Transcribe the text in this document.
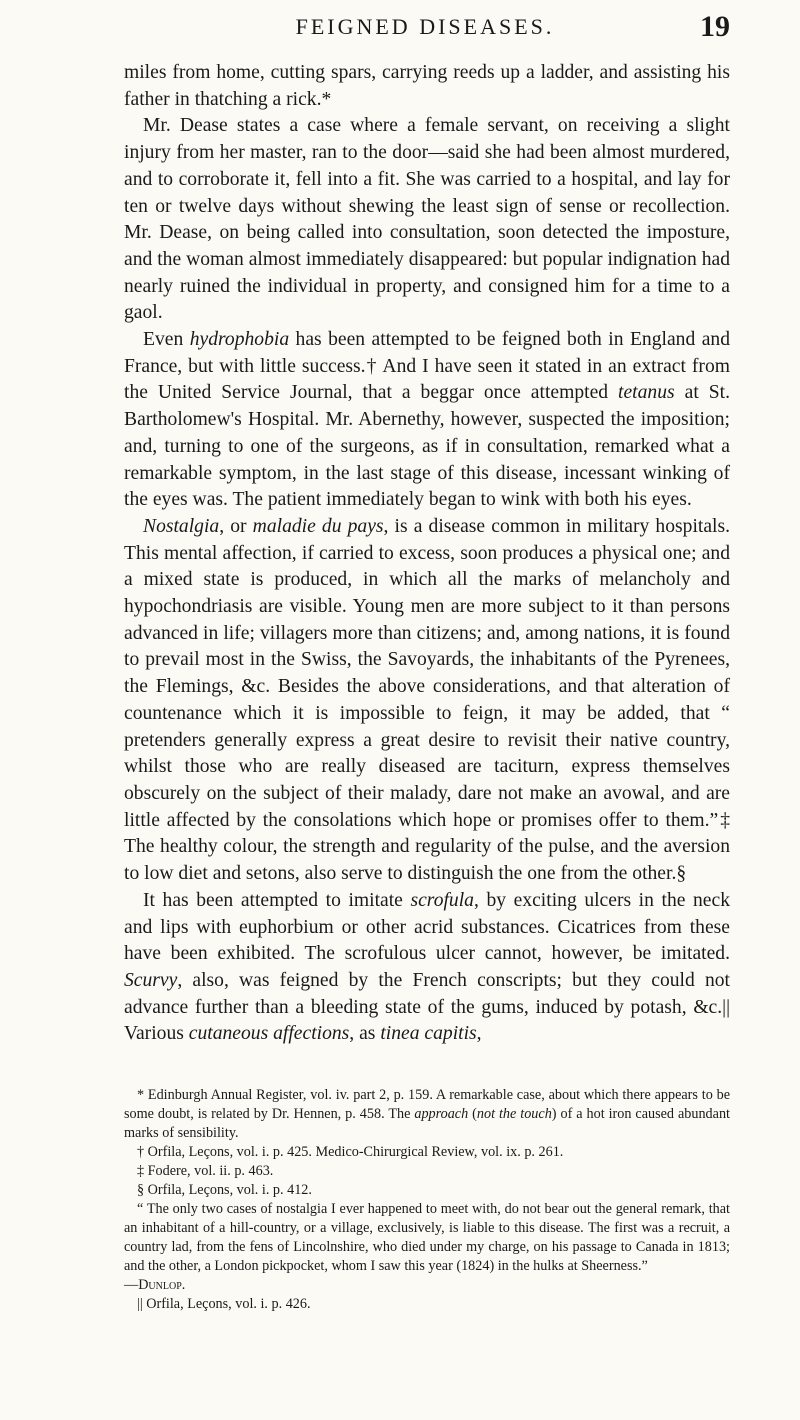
FEIGNED DISEASES.	19

miles from home, cutting spars, carrying reeds up a ladder, and assisting his father in thatching a rick.*

Mr. Dease states a case where a female servant, on receiving a slight injury from her master, ran to the door—said she had been almost murdered, and to corroborate it, fell into a fit. She was carried to a hospital, and lay for ten or twelve days without shewing the least sign of sense or recollection. Mr. Dease, on being called into consultation, soon detected the imposture, and the woman almost immediately disappeared: but popular indignation had nearly ruined the individual in property, and consigned him for a time to a gaol.

Even hydrophobia has been attempted to be feigned both in England and France, but with little success.† And I have seen it stated in an extract from the United Service Journal, that a beggar once attempted tetanus at St. Bartholomew's Hospital. Mr. Abernethy, however, suspected the imposition; and, turning to one of the surgeons, as if in consultation, remarked what a remarkable symptom, in the last stage of this disease, incessant winking of the eyes was. The patient immediately began to wink with both his eyes.

Nostalgia, or maladie du pays, is a disease common in military hospitals. This mental affection, if carried to excess, soon produces a physical one; and a mixed state is produced, in which all the marks of melancholy and hypochondriasis are visible. Young men are more subject to it than persons advanced in life; villagers more than citizens; and, among nations, it is found to prevail most in the Swiss, the Savoyards, the inhabitants of the Pyrenees, the Flemings, &c. Besides the above considerations, and that alteration of countenance which it is impossible to feign, it may be added, that “ pretenders generally express a great desire to revisit their native country, whilst those who are really diseased are taciturn, express themselves obscurely on the subject of their malady, dare not make an avowal, and are little affected by the consolations which hope or promises offer to them.”‡ The healthy colour, the strength and regularity of the pulse, and the aversion to low diet and setons, also serve to distinguish the one from the other.§

It has been attempted to imitate scrofula, by exciting ulcers in the neck and lips with euphorbium or other acrid substances. Cicatrices from these have been exhibited. The scrofulous ulcer cannot, however, be imitated. Scurvy, also, was feigned by the French conscripts; but they could not advance further than a bleeding state of the gums, induced by potash, &c.|| Various cutaneous affections, as tinea capitis,

* Edinburgh Annual Register, vol. iv. part 2, p. 159. A remarkable case, about which there appears to be some doubt, is related by Dr. Hennen, p. 458. The approach (not the touch) of a hot iron caused abundant marks of sensibility.

† Orfila, Leçons, vol. i. p. 425. Medico-Chirurgical Review, vol. ix. p. 261.

‡ Fodere, vol. ii. p. 463.

§ Orfila, Leçons, vol. i. p. 412.

“ The only two cases of nostalgia I ever happened to meet with, do not bear out the general remark, that an inhabitant of a hill-country, or a village, exclusively, is liable to this disease. The first was a recruit, a country lad, from the fens of Lincolnshire, who died under my charge, on his passage to Canada in 1813; and the other, a London pickpocket, whom I saw this year (1824) in the hulks at Sheerness.”
—Dunlop.

|| Orfila, Leçons, vol. i. p. 426.
